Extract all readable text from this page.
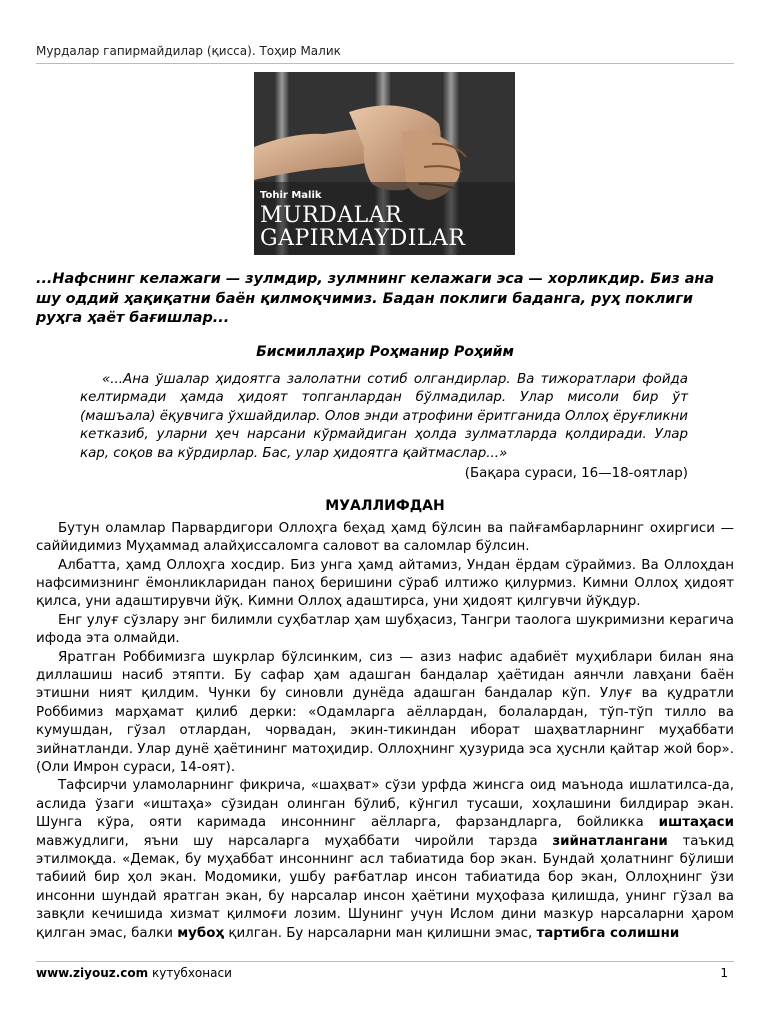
Мурдалар гапирмайдилар (қисса). Тоҳир Малик
Tohir Malik
MURDALAR
GAPIRMAYDILAR

...Нафснинг келажаги — зулмдир, зулмнинг келажаги эса — хорликдир. Биз ана шу оддий ҳақиқатни баён қилмоқчимиз. Бадан поклиги баданга, руҳ поклиги руҳга ҳаёт бағишлар...

Бисмиллаҳир Роҳманир Роҳийм

«...Ана ўшалар ҳидоятга залолатни сотиб олгандирлар. Ва тижоратлари фойда келтирмади ҳамда ҳидоят топганлардан бўлмадилар. Улар мисоли бир ўт (машъала) ёқувчига ўхшайдилар. Олов энди атрофини ёритганида Оллоҳ ёруғликни кетказиб, уларни ҳеч нарсани кўрмайдиган ҳолда зулматларда қолдиради. Улар кар, соқов ва кўрдирлар. Бас, улар ҳидоятга қайтмаслар...»

(Бақара сураси, 16—18-оятлар)

МУАЛЛИФДАН

Бутун оламлар Парвардигори Оллоҳга беҳад ҳамд бўлсин ва пайғамбарларнинг охиргиси — саййидимиз Муҳаммад алайҳиссаломга саловот ва саломлар бўлсин.

Албатта, ҳамд Оллоҳга хосдир. Биз унга ҳамд айтамиз, Ундан ёрдам сўраймиз. Ва Оллоҳдан нафсимизнинг ёмонликларидан паноҳ беришини сўраб илтижо қилурмиз. Кимни Оллоҳ ҳидоят қилса, уни адаштирувчи йўқ. Кимни Оллоҳ адаштирса, уни ҳидоят қилгувчи йўқдур.

Енг улуғ сўзлару энг билимли суҳбатлар ҳам шубҳасиз, Тангри таолога шукримизни керагича ифода эта олмайди.

Яратган Роббимизга шукрлар бўлсинким, сиз — азиз нафис адабиёт муҳиблари билан яна диллашиш насиб этяпти. Бу сафар ҳам адашган бандалар ҳаётидан аянчли лавҳани баён этишни ният қилдим. Чунки бу синовли дунёда адашган бандалар кўп. Улуғ ва қудратли Роббимиз марҳамат қилиб дерки: «Одамларга аёллардан, болалардан, тўп-тўп тилло ва кумушдан, гўзал отлардан, чорвадан, экин-тикиндан иборат шаҳватларнинг муҳаббати зийнатланди. Улар дунё ҳаётининг матоҳидир. Оллоҳнинг ҳузурида эса ҳуснли қайтар жой бор». (Оли Имрон сураси, 14-оят).

Тафсирчи уламоларнинг фикрича, «шаҳват» сўзи урфда жинсга оид маънода ишлатилса-да, аслида ўзаги «иштаҳа» сўзидан олинган бўлиб, кўнгил тусаши, хоҳлашини билдирар экан. Шунга кўра, ояти каримада инсоннинг аёлларга, фарзандларга, бойликка иштаҳаси мавжудлиги, яъни шу нарсаларга муҳаббати чиройли тарзда зийнатлангани таъкид этилмоқда. «Демак, бу муҳаббат инсоннинг асл табиатида бор экан. Бундай ҳолатнинг бўлиши табиий бир ҳол экан. Модомики, ушбу рағбатлар инсон табиатида бор экан, Оллоҳнинг ўзи инсонни шундай яратган экан, бу нарсалар инсон ҳаётини муҳофаза қилишда, унинг гўзал ва завқли кечишида хизмат қилмоғи лозим. Шунинг учун Ислом дини мазкур нарсаларни ҳаром қилган эмас, балки мубоҳ қилган. Бу нарсаларни ман қилишни эмас, тартибга солишни

www.ziyouz.com кутубхонаси	1
